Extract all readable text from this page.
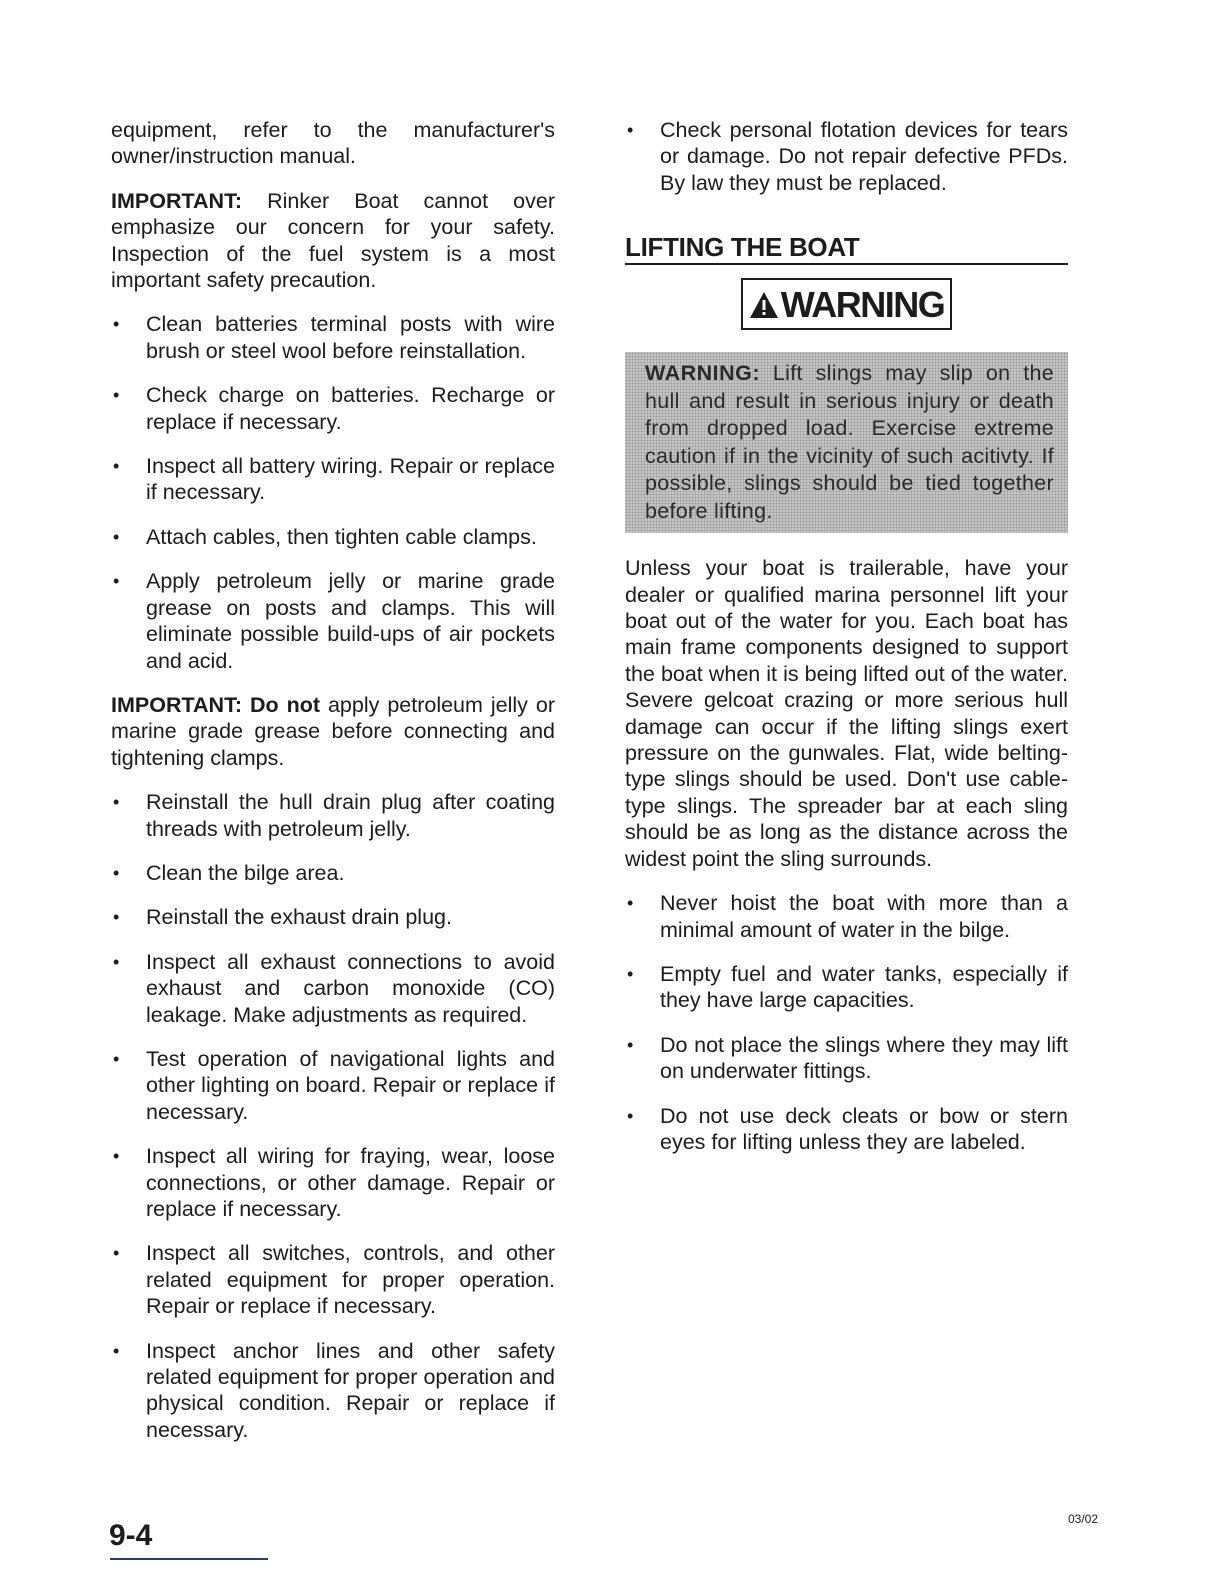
equipment, refer to the manufacturer's owner/instruction manual.

IMPORTANT: Rinker Boat cannot over emphasize our concern for your safety. Inspection of the fuel system is a most important safety precaution.

• Clean batteries terminal posts with wire brush or steel wool before reinstallation.
• Check charge on batteries. Recharge or replace if necessary.
• Inspect all battery wiring. Repair or replace if necessary.
• Attach cables, then tighten cable clamps.
• Apply petroleum jelly or marine grade grease on posts and clamps. This will eliminate possible build-ups of air pockets and acid.

IMPORTANT: Do not apply petroleum jelly or marine grade grease before connecting and tightening clamps.

• Reinstall the hull drain plug after coating threads with petroleum jelly.
• Clean the bilge area.
• Reinstall the exhaust drain plug.
• Inspect all exhaust connections to avoid exhaust and carbon monoxide (CO) leakage. Make adjustments as required.
• Test operation of navigational lights and other lighting on board. Repair or replace if necessary.
• Inspect all wiring for fraying, wear, loose connections, or other damage. Repair or replace if necessary.
• Inspect all switches, controls, and other related equipment for proper operation. Repair or replace if necessary.
• Inspect anchor lines and other safety related equipment for proper operation and physical condition. Repair or replace if necessary.
• Check personal flotation devices for tears or damage. Do not repair defective PFDs. By law they must be replaced.
LIFTING THE BOAT
WARNING
WARNING: Lift slings may slip on the hull and result in serious injury or death from dropped load. Exercise extreme caution if in the vicinity of such acitivty. If possible, slings should be tied together before lifting.

Unless your boat is trailerable, have your dealer or qualified marina personnel lift your boat out of the water for you. Each boat has main frame components designed to support the boat when it is being lifted out of the water. Severe gelcoat crazing or more serious hull damage can occur if the lifting slings exert pressure on the gunwales. Flat, wide belting-type slings should be used. Don't use cable-type slings. The spreader bar at each sling should be as long as the distance across the widest point the sling surrounds.

• Never hoist the boat with more than a minimal amount of water in the bilge.
• Empty fuel and water tanks, especially if they have large capacities.
• Do not place the slings where they may lift on underwater fittings.
• Do not use deck cleats or bow or stern eyes for lifting unless they are labeled.
9-4	03/02
